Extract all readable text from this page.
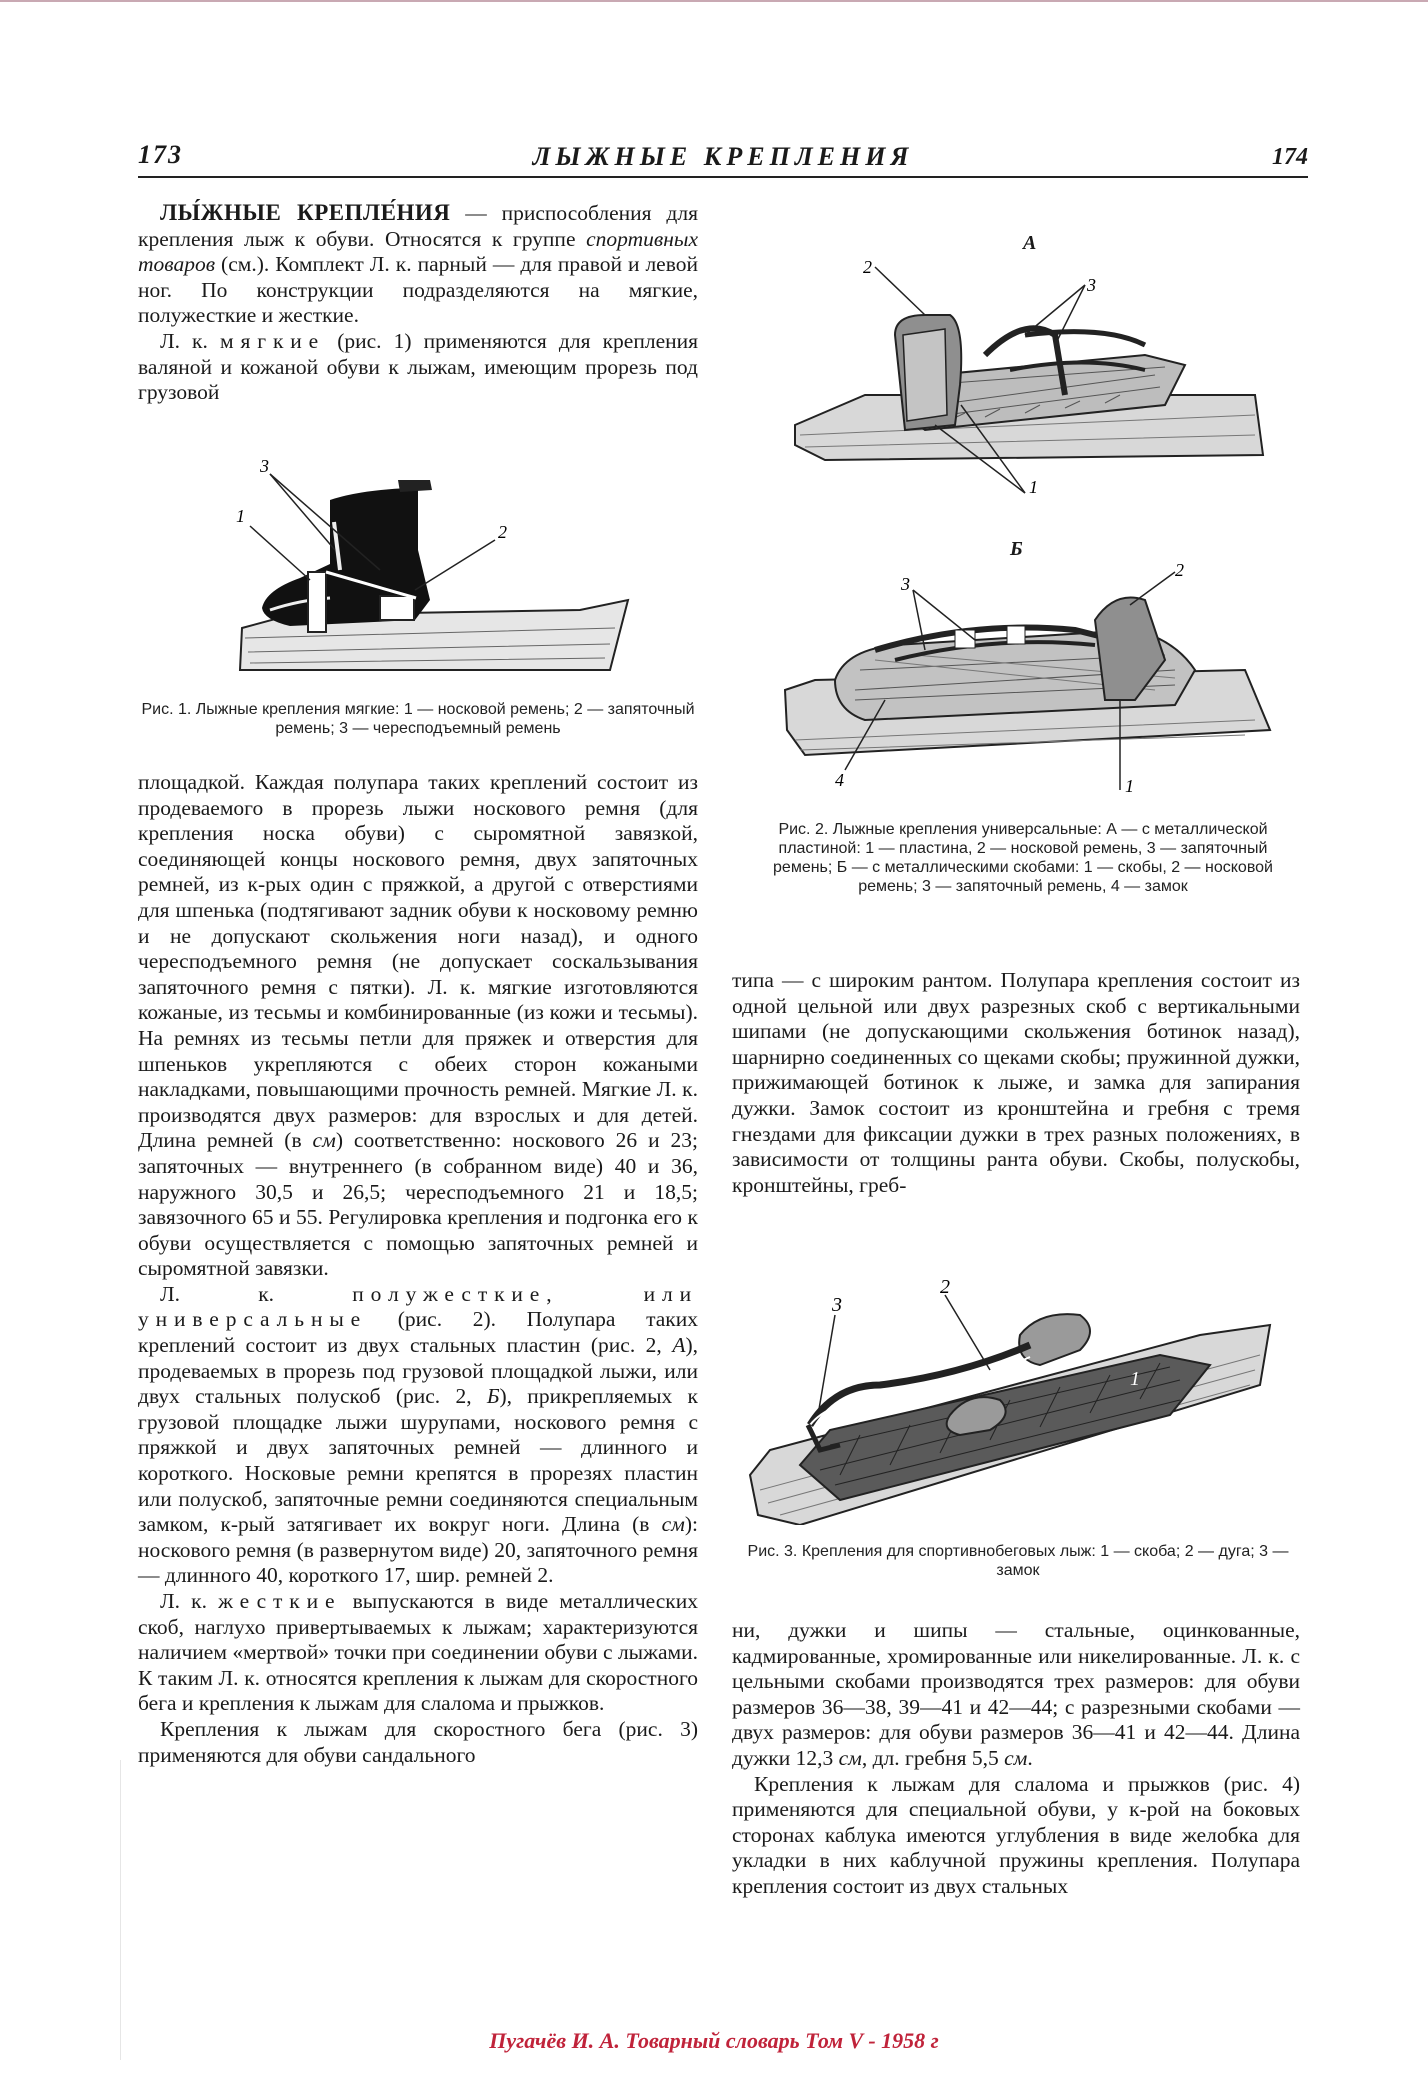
173	ЛЫЖНЫЕ КРЕПЛЕНИЯ	174

ЛЫ́ЖНЫЕ КРЕПЛЕ́НИЯ — приспособления для крепления лыж к обуви. Относятся к группе спортивных товаров (см.). Комплект Л. к. парный — для правой и левой ног. По конструкции подразделяются на мягкие, полужесткие и жесткие.

Л. к. мягкие (рис. 1) применяются для крепления валяной и кожаной обуви к лыжам, имеющим прорезь под грузовой

1
2
3
Рис. 1. Лыжные крепления мягкие: 1 — носковой ремень; 2 — запяточный ремень; 3 — чересподъемный ремень

площадкой. Каждая полупара таких креплений состоит из продеваемого в прорезь лыжи носкового ремня (для крепления носка обуви) с сыромятной завязкой, соединяющей концы носкового ремня, двух запяточных ремней, из к-рых один с пряжкой, а другой с отверстиями для шпенька (подтягивают задник обуви к носковому ремню и не допускают скольжения ноги назад), и одного чересподъемного ремня (не допускает соскальзывания запяточного ремня с пятки). Л. к. мягкие изготовляются кожаные, из тесьмы и комбинированные (из кожи и тесьмы). На ремнях из тесьмы петли для пряжек и отверстия для шпеньков укрепляются с обеих сторон кожаными накладками, повышающими прочность ремней. Мягкие Л. к. производятся двух размеров: для взрослых и для детей. Длина ремней (в см) соответственно: носкового 26 и 23; запяточных — внутреннего (в собранном виде) 40 и 36, наружного 30,5 и 26,5; чересподъемного 21 и 18,5; завязочного 65 и 55. Регулировка крепления и подгонка его к обуви осуществляется с помощью запяточных ремней и сыромятной завязки.

Л. к. полужесткие, или универсальные (рис. 2). Полупара таких креплений состоит из двух стальных пластин (рис. 2, А), продеваемых в прорезь под грузовой площадкой лыжи, или двух стальных полускоб (рис. 2, Б), прикрепляемых к грузовой площадке лыжи шурупами, носкового ремня с пряжкой и двух запяточных ремней — длинного и короткого. Носковые ремни крепятся в прорезях пластин или полускоб, запяточные ремни соединяются специальным замком, к-рый затягивает их вокруг ноги. Длина (в см): носкового ремня (в развернутом виде) 20, запяточного ремня — длинного 40, короткого 17, шир. ремней 2.

Л. к. жесткие выпускаются в виде металлических скоб, наглухо привертываемых к лыжам; характеризуются наличием «мертвой» точки при соединении обуви с лыжами. К таким Л. к. относятся крепления к лыжам для скоростного бега и крепления к лыжам для слалома и прыжков.

Крепления к лыжам для скоростного бега (рис. 3) применяются для обуви сандального

А
2
3
1
Б
3
2
4	1
Рис. 2. Лыжные крепления универсальные: А — с металлической пластиной: 1 — пластина, 2 — носковой ремень, 3 — запяточный ремень; Б — с металлическими скобами: 1 — скобы, 2 — носковой ремень; 3 — запяточный ремень, 4 — замок

типа — с широким рантом. Полупара крепления состоит из одной цельной или двух разрезных скоб с вертикальными шипами (не допускающими скольжения ботинок назад), шарнирно соединенных со щеками скобы; пружинной дужки, прижимающей ботинок к лыже, и замка для запирания дужки. Замок состоит из кронштейна и гребня с тремя гнездами для фиксации дужки в трех разных положениях, в зависимости от толщины ранта обуви. Скобы, полускобы, кронштейны, греб-

3
2
1
Рис. 3. Крепления для спортивнобеговых лыж: 1 — скоба; 2 — дуга; 3 — замок

ни, дужки и шипы — стальные, оцинкованные, кадмированные, хромированные или никелированные. Л. к. с цельными скобами производятся трех размеров: для обуви размеров 36—38, 39—41 и 42—44; с разрезными скобами — двух размеров: для обуви размеров 36—41 и 42—44. Длина дужки 12,3 см, дл. гребня 5,5 см.

Крепления к лыжам для слалома и прыжков (рис. 4) применяются для специальной обуви, у к-рой на боковых сторонах каблука имеются углубления в виде желобка для укладки в них каблучной пружины крепления. Полупара крепления состоит из двух стальных

Пугачёв И. А. Товарный словарь Том V - 1958 г
